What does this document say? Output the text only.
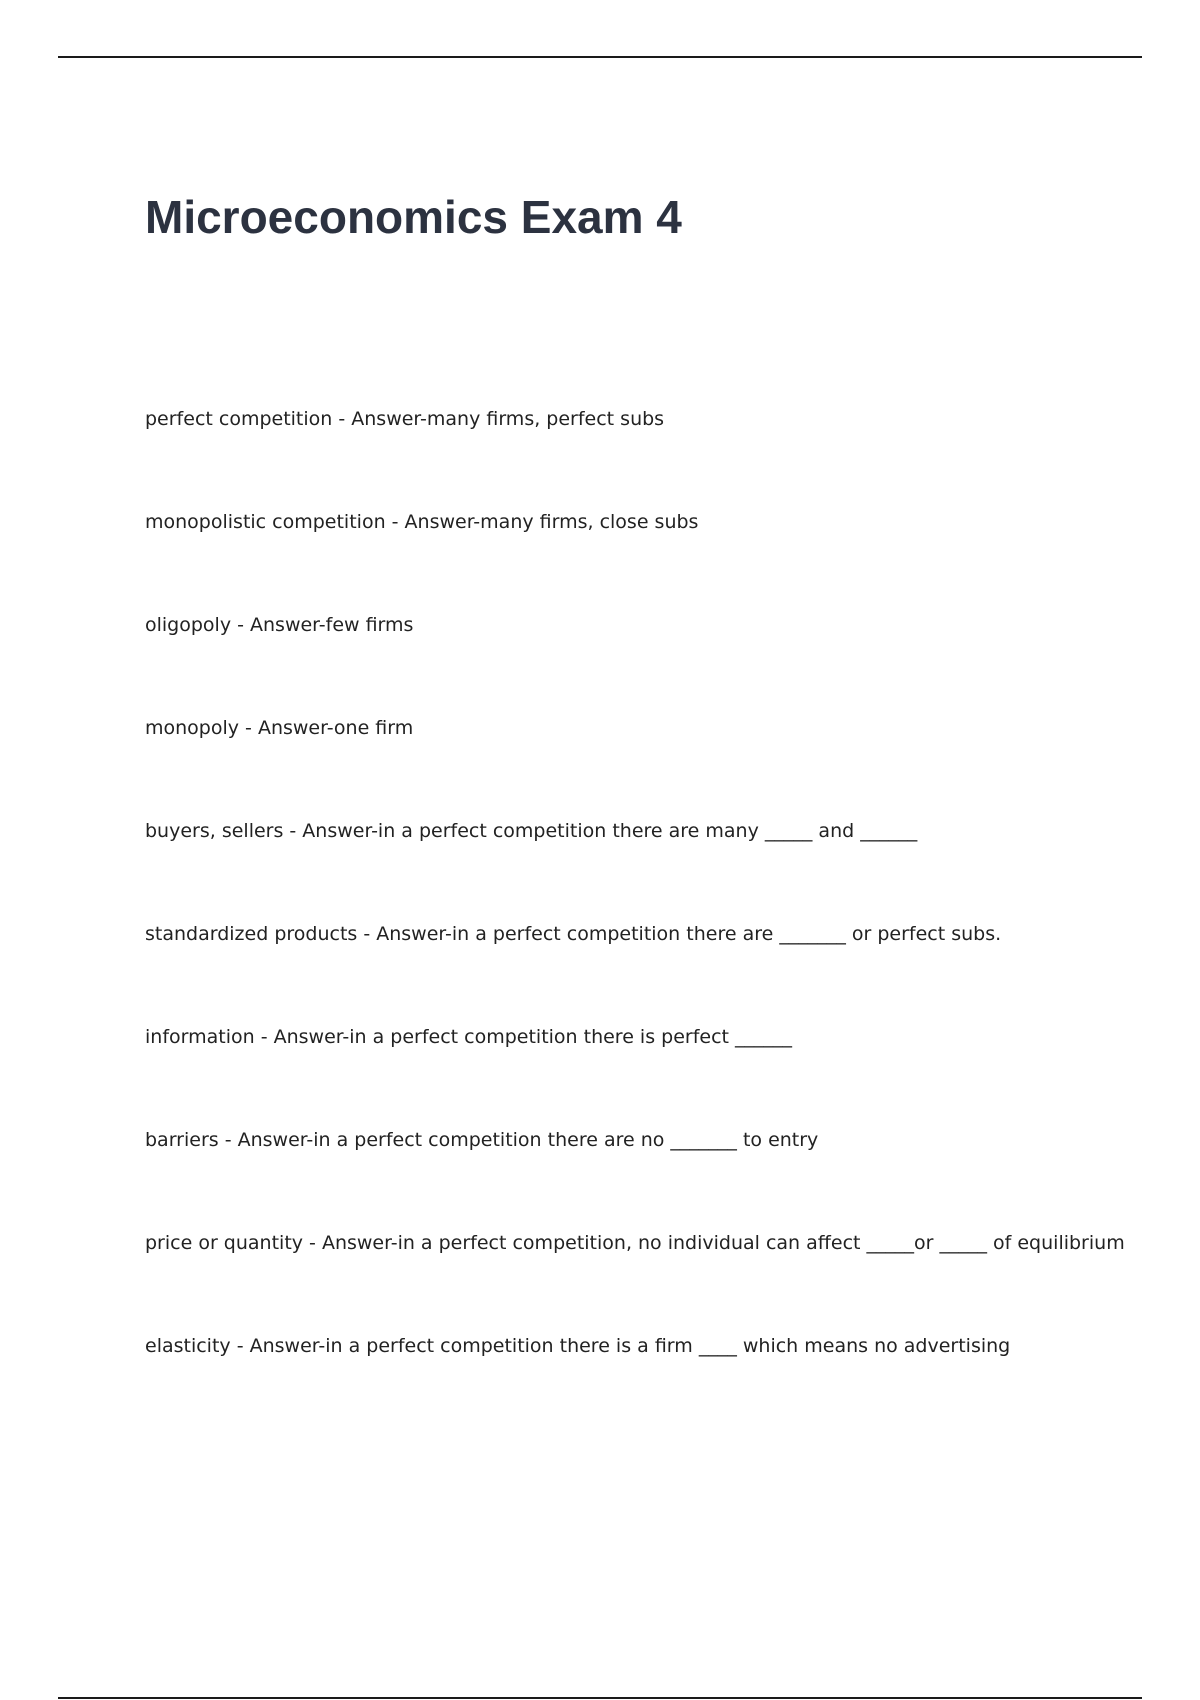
Microeconomics Exam 4
perfect competition - Answer-many firms, perfect subs
monopolistic competition - Answer-many firms, close subs
oligopoly - Answer-few firms
monopoly - Answer-one firm
buyers, sellers - Answer-in a perfect competition there are many _____ and ______
standardized products - Answer-in a perfect competition there are _______ or perfect subs.
information - Answer-in a perfect competition there is perfect ______
barriers - Answer-in a perfect competition there are no _______ to entry
price or quantity - Answer-in a perfect competition, no individual can affect _____or _____ of equilibrium
elasticity - Answer-in a perfect competition there is a firm ____ which means no advertising
